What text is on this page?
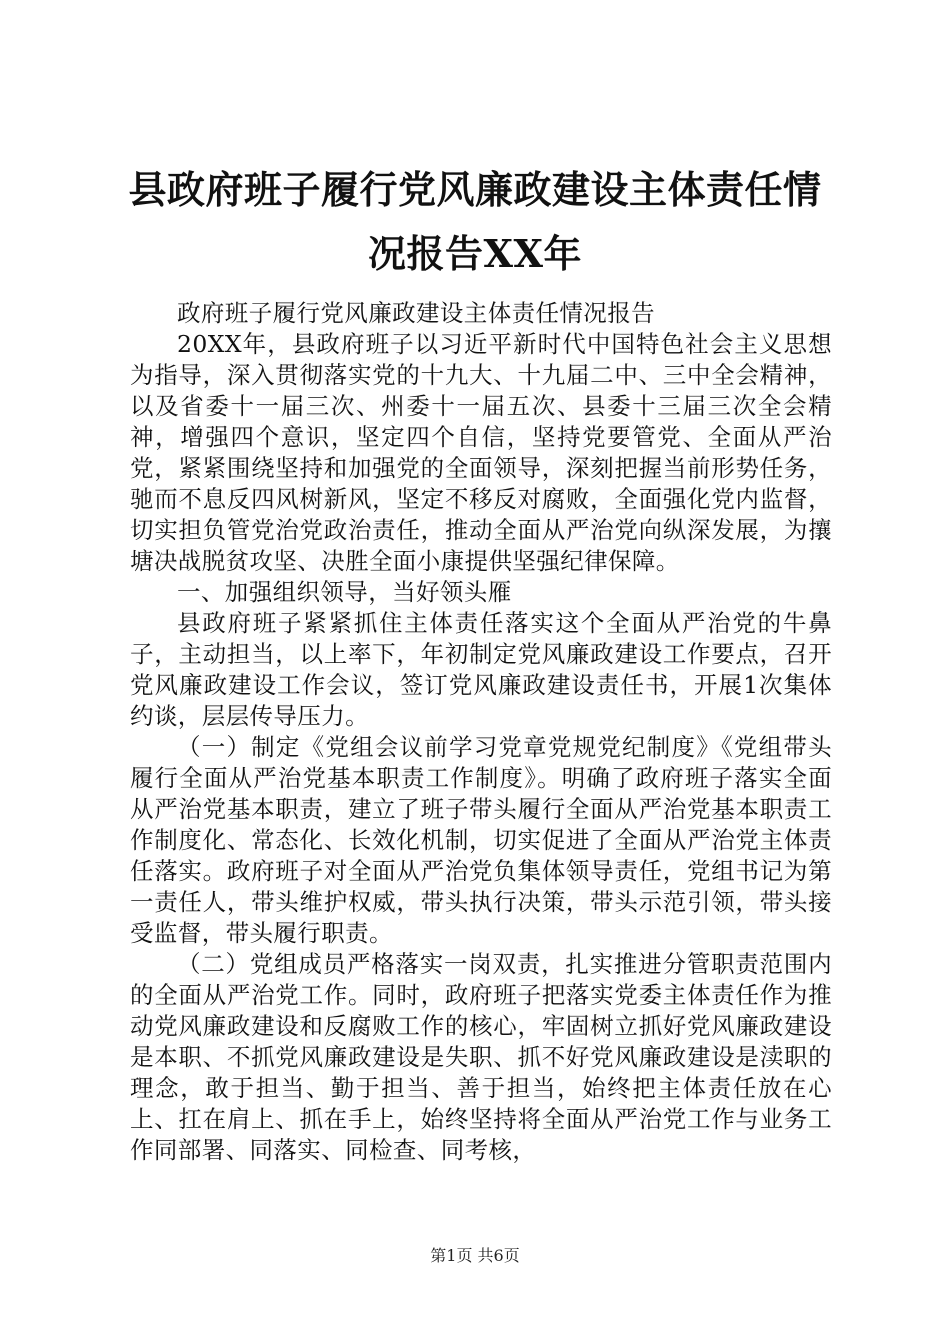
县政府班子履行党风廉政建设主体责任情况报告XX年

政府班子履行党风廉政建设主体责任情况报告

20XX年，县政府班子以习近平新时代中国特色社会主义思想为指导，深入贯彻落实党的十九大、十九届二中、三中全会精神，以及省委十一届三次、州委十一届五次、县委十三届三次全会精神，增强四个意识，坚定四个自信，坚持党要管党、全面从严治党，紧紧围绕坚持和加强党的全面领导，深刻把握当前形势任务，驰而不息反四风树新风，坚定不移反对腐败，全面强化党内监督，切实担负管党治党政治责任，推动全面从严治党向纵深发展，为攘塘决战脱贫攻坚、决胜全面小康提供坚强纪律保障。

一、加强组织领导，当好领头雁

县政府班子紧紧抓住主体责任落实这个全面从严治党的牛鼻子，主动担当，以上率下，年初制定党风廉政建设工作要点，召开党风廉政建设工作会议，签订党风廉政建设责任书，开展1次集体约谈，层层传导压力。

（一）制定《党组会议前学习党章党规党纪制度》《党组带头履行全面从严治党基本职责工作制度》。明确了政府班子落实全面从严治党基本职责，建立了班子带头履行全面从严治党基本职责工作制度化、常态化、长效化机制，切实促进了全面从严治党主体责任落实。政府班子对全面从严治党负集体领导责任，党组书记为第一责任人，带头维护权威，带头执行决策，带头示范引领，带头接受监督，带头履行职责。

（二）党组成员严格落实一岗双责，扎实推进分管职责范围内的全面从严治党工作。同时，政府班子把落实党委主体责任作为推动党风廉政建设和反腐败工作的核心，牢固树立抓好党风廉政建设是本职、不抓党风廉政建设是失职、抓不好党风廉政建设是渎职的理念，敢于担当、勤于担当、善于担当，始终把主体责任放在心上、扛在肩上、抓在手上，始终坚持将全面从严治党工作与业务工作同部署、同落实、同检查、同考核，

第1页 共6页
